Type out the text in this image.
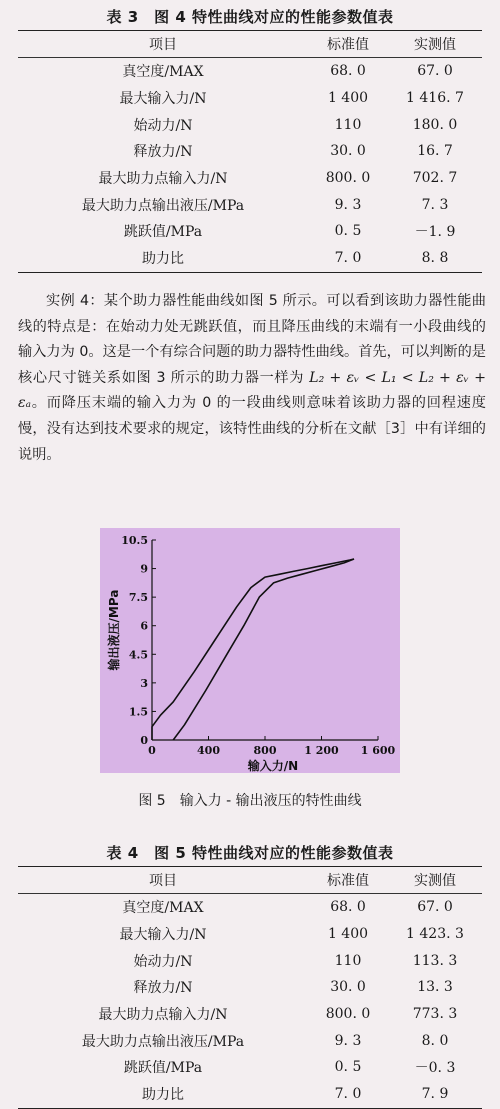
表 3　图 4 特性曲线对应的性能参数值表
项目	标准值	实测值
真空度/MAX	68. 0	67. 0
最大输入力/N	1 400	1 416. 7
始动力/N	110	180. 0
释放力/N	30. 0	16. 7
最大助力点输入力/N	800. 0	702. 7
最大助力点输出液压/MPa	9. 3	7. 3
跳跃值/MPa	0. 5	－1. 9
助力比	7. 0	8. 8

实例 4：某个助力器性能曲线如图 5 所示。可以看到该助力器性能曲线的特点是：在始动力处无跳跃值，而且降压曲线的末端有一小段曲线的输入力为 0。这是一个有综合问题的助力器特性曲线。首先，可以判断的是核心尺寸链关系如图 3 所示的助力器一样为 L₂ + εᵥ < L₁ < L₂ + εᵥ + εₐ。而降压末端的输入力为 0 的一段曲线则意味着该助力器的回程速度慢，没有达到技术要求的规定，该特性曲线的分析在文献［3］中有详细的说明。

0	400	800	1 200 1 600
0
1.5
3
4.5
6
7.5
9
10.5
输入力/N
输出液压/MPa
图 5　输入力 - 输出液压的特性曲线
表 4　图 5 特性曲线对应的性能参数值表
项目	标准值	实测值
真空度/MAX	68. 0	67. 0
最大输入力/N	1 400	1 423. 3
始动力/N	110	113. 3
释放力/N	30. 0	13. 3
最大助力点输入力/N	800. 0	773. 3
最大助力点输出液压/MPa	9. 3	8. 0
跳跃值/MPa	0. 5	－0. 3
助力比	7. 0	7. 9
